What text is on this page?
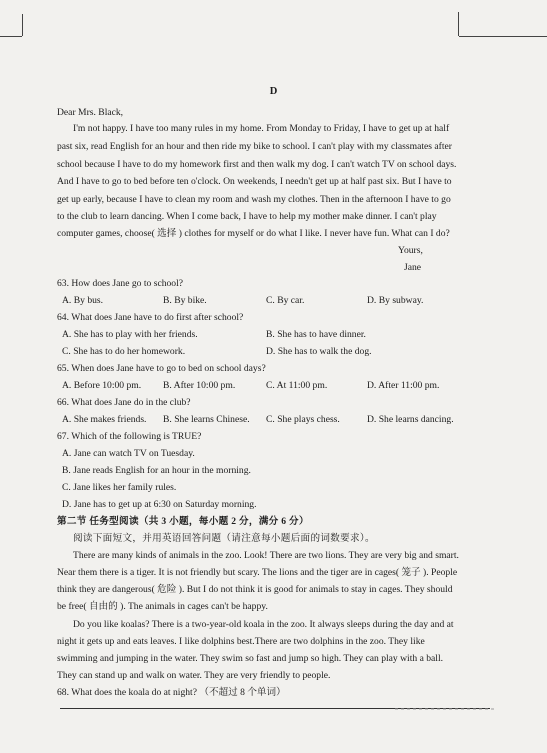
D
Dear Mrs. Black,
I'm not happy. I have too many rules in my home. From Monday to Friday, I have to get up at half
past six, read English for an hour and then ride my bike to school. I can't play with my classmates after
school because I have to do my homework first and then walk my dog. I can't watch TV on school days.
And I have to go to bed before ten o'clock. On weekends, I needn't get up at half past six. But I have to
get up early, because I have to clean my room and wash my clothes. Then in the afternoon I have to go
to the club to learn dancing. When I come back, I have to help my mother make dinner. I can't play
computer games, choose( 选择 ) clothes for myself or do what I like. I never have fun. What can I do?
Yours,
Jane
63. How does Jane go to school?
A. By bus.	B. By bike.	C. By car.	D. By subway.
64. What does Jane have to do first after school?
A. She has to play with her friends.	B. She has to have dinner.
C. She has to do her homework.	D. She has to walk the dog.
65. When does Jane have to go to bed on school days?
A. Before 10:00 pm. B. After 10:00 pm.	C. At 11:00 pm.	D. After 11:00 pm.
66. What does Jane do in the club?
A. She makes friends. B. She learns Chinese. C. She plays chess.	D. She learns dancing.
67. Which of the following is TRUE?
A. Jane can watch TV on Tuesday.
B. Jane reads English for an hour in the morning.
C. Jane likes her family rules.
D. Jane has to get up at 6:30 on Saturday morning.
第二节 任务型阅读（共 3 小题，每小题 2 分，满分 6 分）
阅读下面短文，并用英语回答问题（请注意每小题后面的词数要求）。
There are many kinds of animals in the zoo. Look! There are two lions. They are very big and smart.
Near them there is a tiger. It is not friendly but scary. The lions and the tiger are in cages( 笼子 ). People
think they are dangerous( 危险 ). But I do not think it is good for animals to stay in cages. They should
be free( 自由的 ). The animals in cages can't be happy.
Do you like koalas? There is a two-year-old koala in the zoo. It always sleeps during the day and at
night it gets up and eats leaves. I like dolphins best.There are two dolphins in the zoo. They like
swimming and jumping in the water. They swim so fast and jump so high. They can play with a ball.
They can stand up and walk on water. They are very friendly to people.
68. What does the koala do at night? （不超过 8 个单词）
